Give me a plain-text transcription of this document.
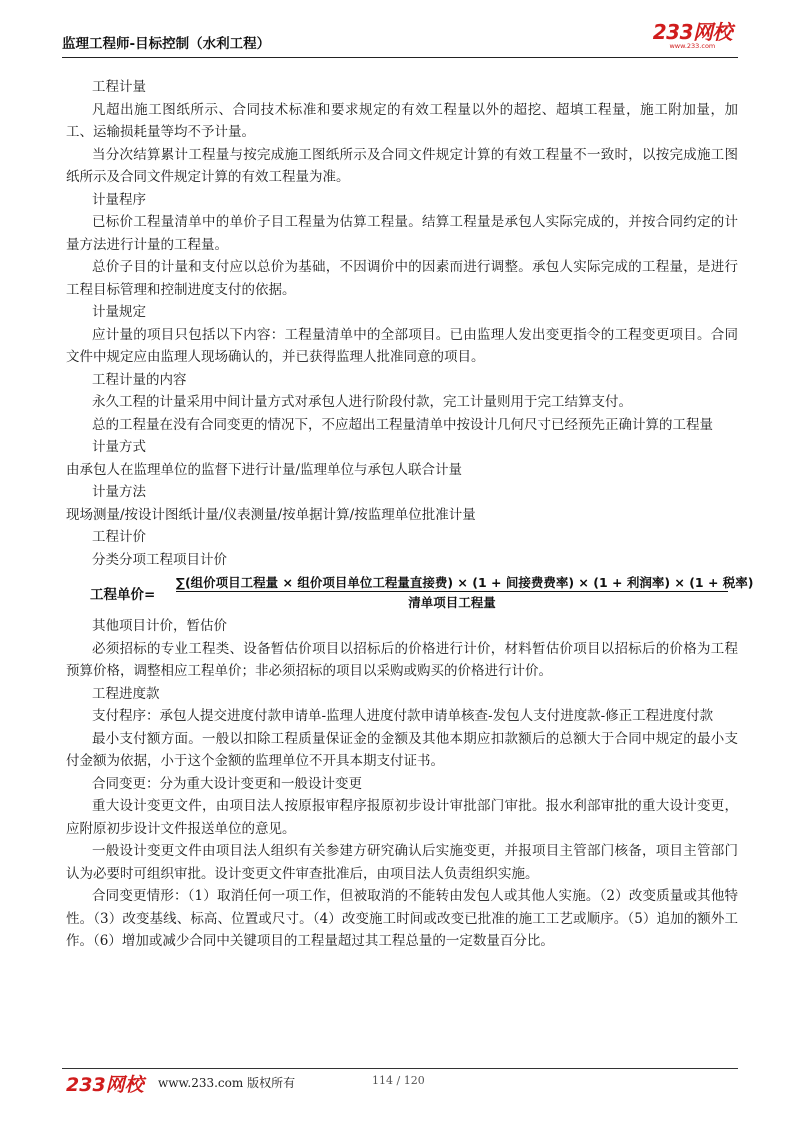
监理工程师-目标控制（水利工程）	233网校
www.233.com

工程计量

凡超出施工图纸所示、合同技术标准和要求规定的有效工程量以外的超挖、超填工程量，施工附加量，加工、运输损耗量等均不予计量。

当分次结算累计工程量与按完成施工图纸所示及合同文件规定计算的有效工程量不一致时，以按完成施工图纸所示及合同文件规定计算的有效工程量为准。

计量程序

已标价工程量清单中的单价子目工程量为估算工程量。结算工程量是承包人实际完成的，并按合同约定的计量方法进行计量的工程量。

总价子目的计量和支付应以总价为基础，不因调价中的因素而进行调整。承包人实际完成的工程量，是进行工程目标管理和控制进度支付的依据。

计量规定

应计量的项目只包括以下内容：工程量清单中的全部项目。已由监理人发出变更指令的工程变更项目。合同文件中规定应由监理人现场确认的，并已获得监理人批准同意的项目。

工程计量的内容

永久工程的计量采用中间计量方式对承包人进行阶段付款，完工计量则用于完工结算支付。

总的工程量在没有合同变更的情况下，不应超出工程量清单中按设计几何尺寸已经预先正确计算的工程量

计量方式

由承包人在监理单位的监督下进行计量/监理单位与承包人联合计量

计量方法

现场测量/按设计图纸计量/仪表测量/按单据计算/按监理单位批准计量

工程计价

分类分项工程项目计价

工程单价=
∑(组价项目工程量 × 组价项目单位工程量直接费) × (1 + 间接费费率) × (1 + 利润率) × (1 + 税率)
清单项目工程量

其他项目计价，暂估价

必须招标的专业工程类、设备暂估价项目以招标后的价格进行计价，材料暂估价项目以招标后的价格为工程预算价格，调整相应工程单价；非必须招标的项目以采购或购买的价格进行计价。

工程进度款

支付程序：承包人提交进度付款申请单-监理人进度付款申请单核查-发包人支付进度款-修正工程进度付款

最小支付额方面。一般以扣除工程质量保证金的金额及其他本期应扣款额后的总额大于合同中规定的最小支付金额为依据，小于这个金额的监理单位不开具本期支付证书。

合同变更：分为重大设计变更和一般设计变更

重大设计变更文件，由项目法人按原报审程序报原初步设计审批部门审批。报水利部审批的重大设计变更，应附原初步设计文件报送单位的意见。

一般设计变更文件由项目法人组织有关参建方研究确认后实施变更，并报项目主管部门核备，项目主管部门认为必要时可组织审批。设计变更文件审查批准后，由项目法人负责组织实施。

合同变更情形：（1）取消任何一项工作，但被取消的不能转由发包人或其他人实施。（2）改变质量或其他特性。（3）改变基线、标高、位置或尺寸。（4）改变施工时间或改变已批准的施工工艺或顺序。（5）追加的额外工作。（6）增加或减少合同中关键项目的工程量超过其工程总量的一定数量百分比。

233网校 www.233.com 版权所有	114 / 120
